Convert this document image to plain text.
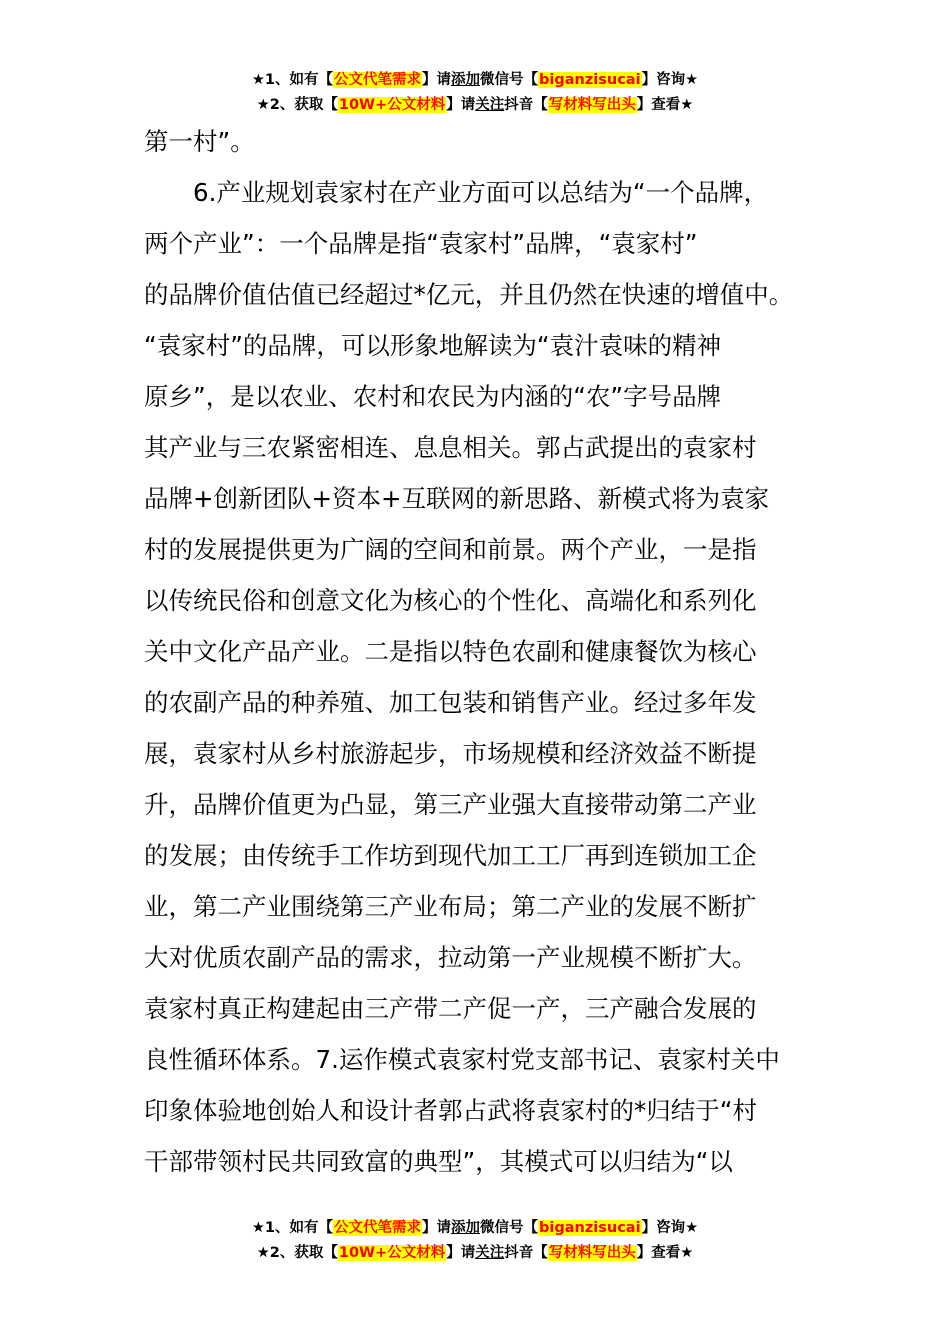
★1、如有【公文代笔需求】请添加微信号【biganzisucai】咨询★
★2、获取【10W+公文材料】请关注抖音【写材料写出头】查看★
第一村”。
　　6.产业规划袁家村在产业方面可以总结为“一个品牌，
两个产业”：一个品牌是指“袁家村”品牌，“袁家村”
的品牌价值估值已经超过*亿元，并且仍然在快速的增值中。
“袁家村”的品牌，可以形象地解读为“袁汁袁味的精神
原乡”，是以农业、农村和农民为内涵的“农”字号品牌
其产业与三农紧密相连、息息相关。郭占武提出的袁家村
品牌+创新团队+资本+互联网的新思路、新模式将为袁家
村的发展提供更为广阔的空间和前景。两个产业，一是指
以传统民俗和创意文化为核心的个性化、高端化和系列化
关中文化产品产业。二是指以特色农副和健康餐饮为核心
的农副产品的种养殖、加工包装和销售产业。经过多年发
展，袁家村从乡村旅游起步，市场规模和经济效益不断提
升，品牌价值更为凸显，第三产业强大直接带动第二产业
的发展；由传统手工作坊到现代加工工厂再到连锁加工企
业，第二产业围绕第三产业布局；第二产业的发展不断扩
大对优质农副产品的需求，拉动第一产业规模不断扩大。
袁家村真正构建起由三产带二产促一产，三产融合发展的
良性循环体系。7.运作模式袁家村党支部书记、袁家村关中
印象体验地创始人和设计者郭占武将袁家村的*归结于“村
干部带领村民共同致富的典型”，其模式可以归结为“以
★1、如有【公文代笔需求】请添加微信号【biganzisucai】咨询★
★2、获取【10W+公文材料】请关注抖音【写材料写出头】查看★
